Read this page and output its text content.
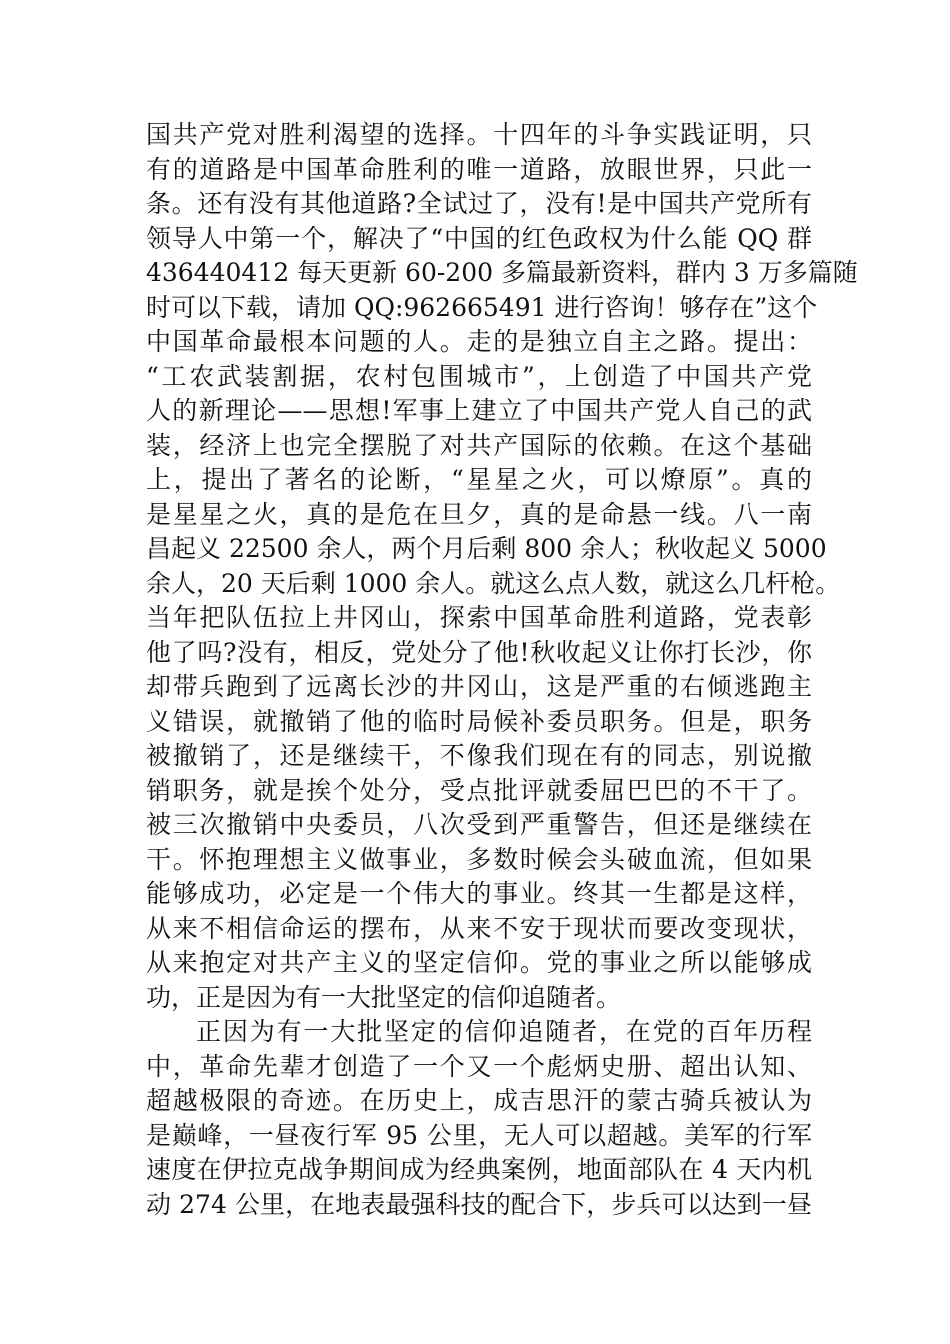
国共产党对胜利渴望的选择。十四年的斗争实践证明，只
有的道路是中国革命胜利的唯一道路，放眼世界，只此一
条。还有没有其他道路?全试过了，没有!是中国共产党所有
领导人中第一个，解决了“中国的红色政权为什么能 QQ 群
436440412 每天更新 60-200 多篇最新资料，群内 3 万多篇随
时可以下载，请加 QQ:962665491 进行咨询！够存在”这个
中国革命最根本问题的人。走的是独立自主之路。提出：
“工农武装割据，农村包围城市”，上创造了中国共产党
人的新理论——思想!军事上建立了中国共产党人自己的武
装，经济上也完全摆脱了对共产国际的依赖。在这个基础
上，提出了著名的论断，“星星之火，可以燎原”。真的
是星星之火，真的是危在旦夕，真的是命悬一线。八一南
昌起义 22500 余人，两个月后剩 800 余人；秋收起义 5000
余人，20 天后剩 1000 余人。就这么点人数，就这么几杆枪。
当年把队伍拉上井冈山，探索中国革命胜利道路，党表彰
他了吗?没有，相反，党处分了他!秋收起义让你打长沙，你
却带兵跑到了远离长沙的井冈山，这是严重的右倾逃跑主
义错误，就撤销了他的临时局候补委员职务。但是，职务
被撤销了，还是继续干，不像我们现在有的同志，别说撤
销职务，就是挨个处分，受点批评就委屈巴巴的不干了。
被三次撤销中央委员，八次受到严重警告，但还是继续在
干。怀抱理想主义做事业，多数时候会头破血流，但如果
能够成功，必定是一个伟大的事业。终其一生都是这样，
从来不相信命运的摆布，从来不安于现状而要改变现状，
从来抱定对共产主义的坚定信仰。党的事业之所以能够成
功，正是因为有一大批坚定的信仰追随者。
正因为有一大批坚定的信仰追随者，在党的百年历程
中，革命先辈才创造了一个又一个彪炳史册、超出认知、
超越极限的奇迹。在历史上，成吉思汗的蒙古骑兵被认为
是巅峰，一昼夜行军 95 公里，无人可以超越。美军的行军
速度在伊拉克战争期间成为经典案例，地面部队在 4 天内机
动 274 公里，在地表最强科技的配合下，步兵可以达到一昼
